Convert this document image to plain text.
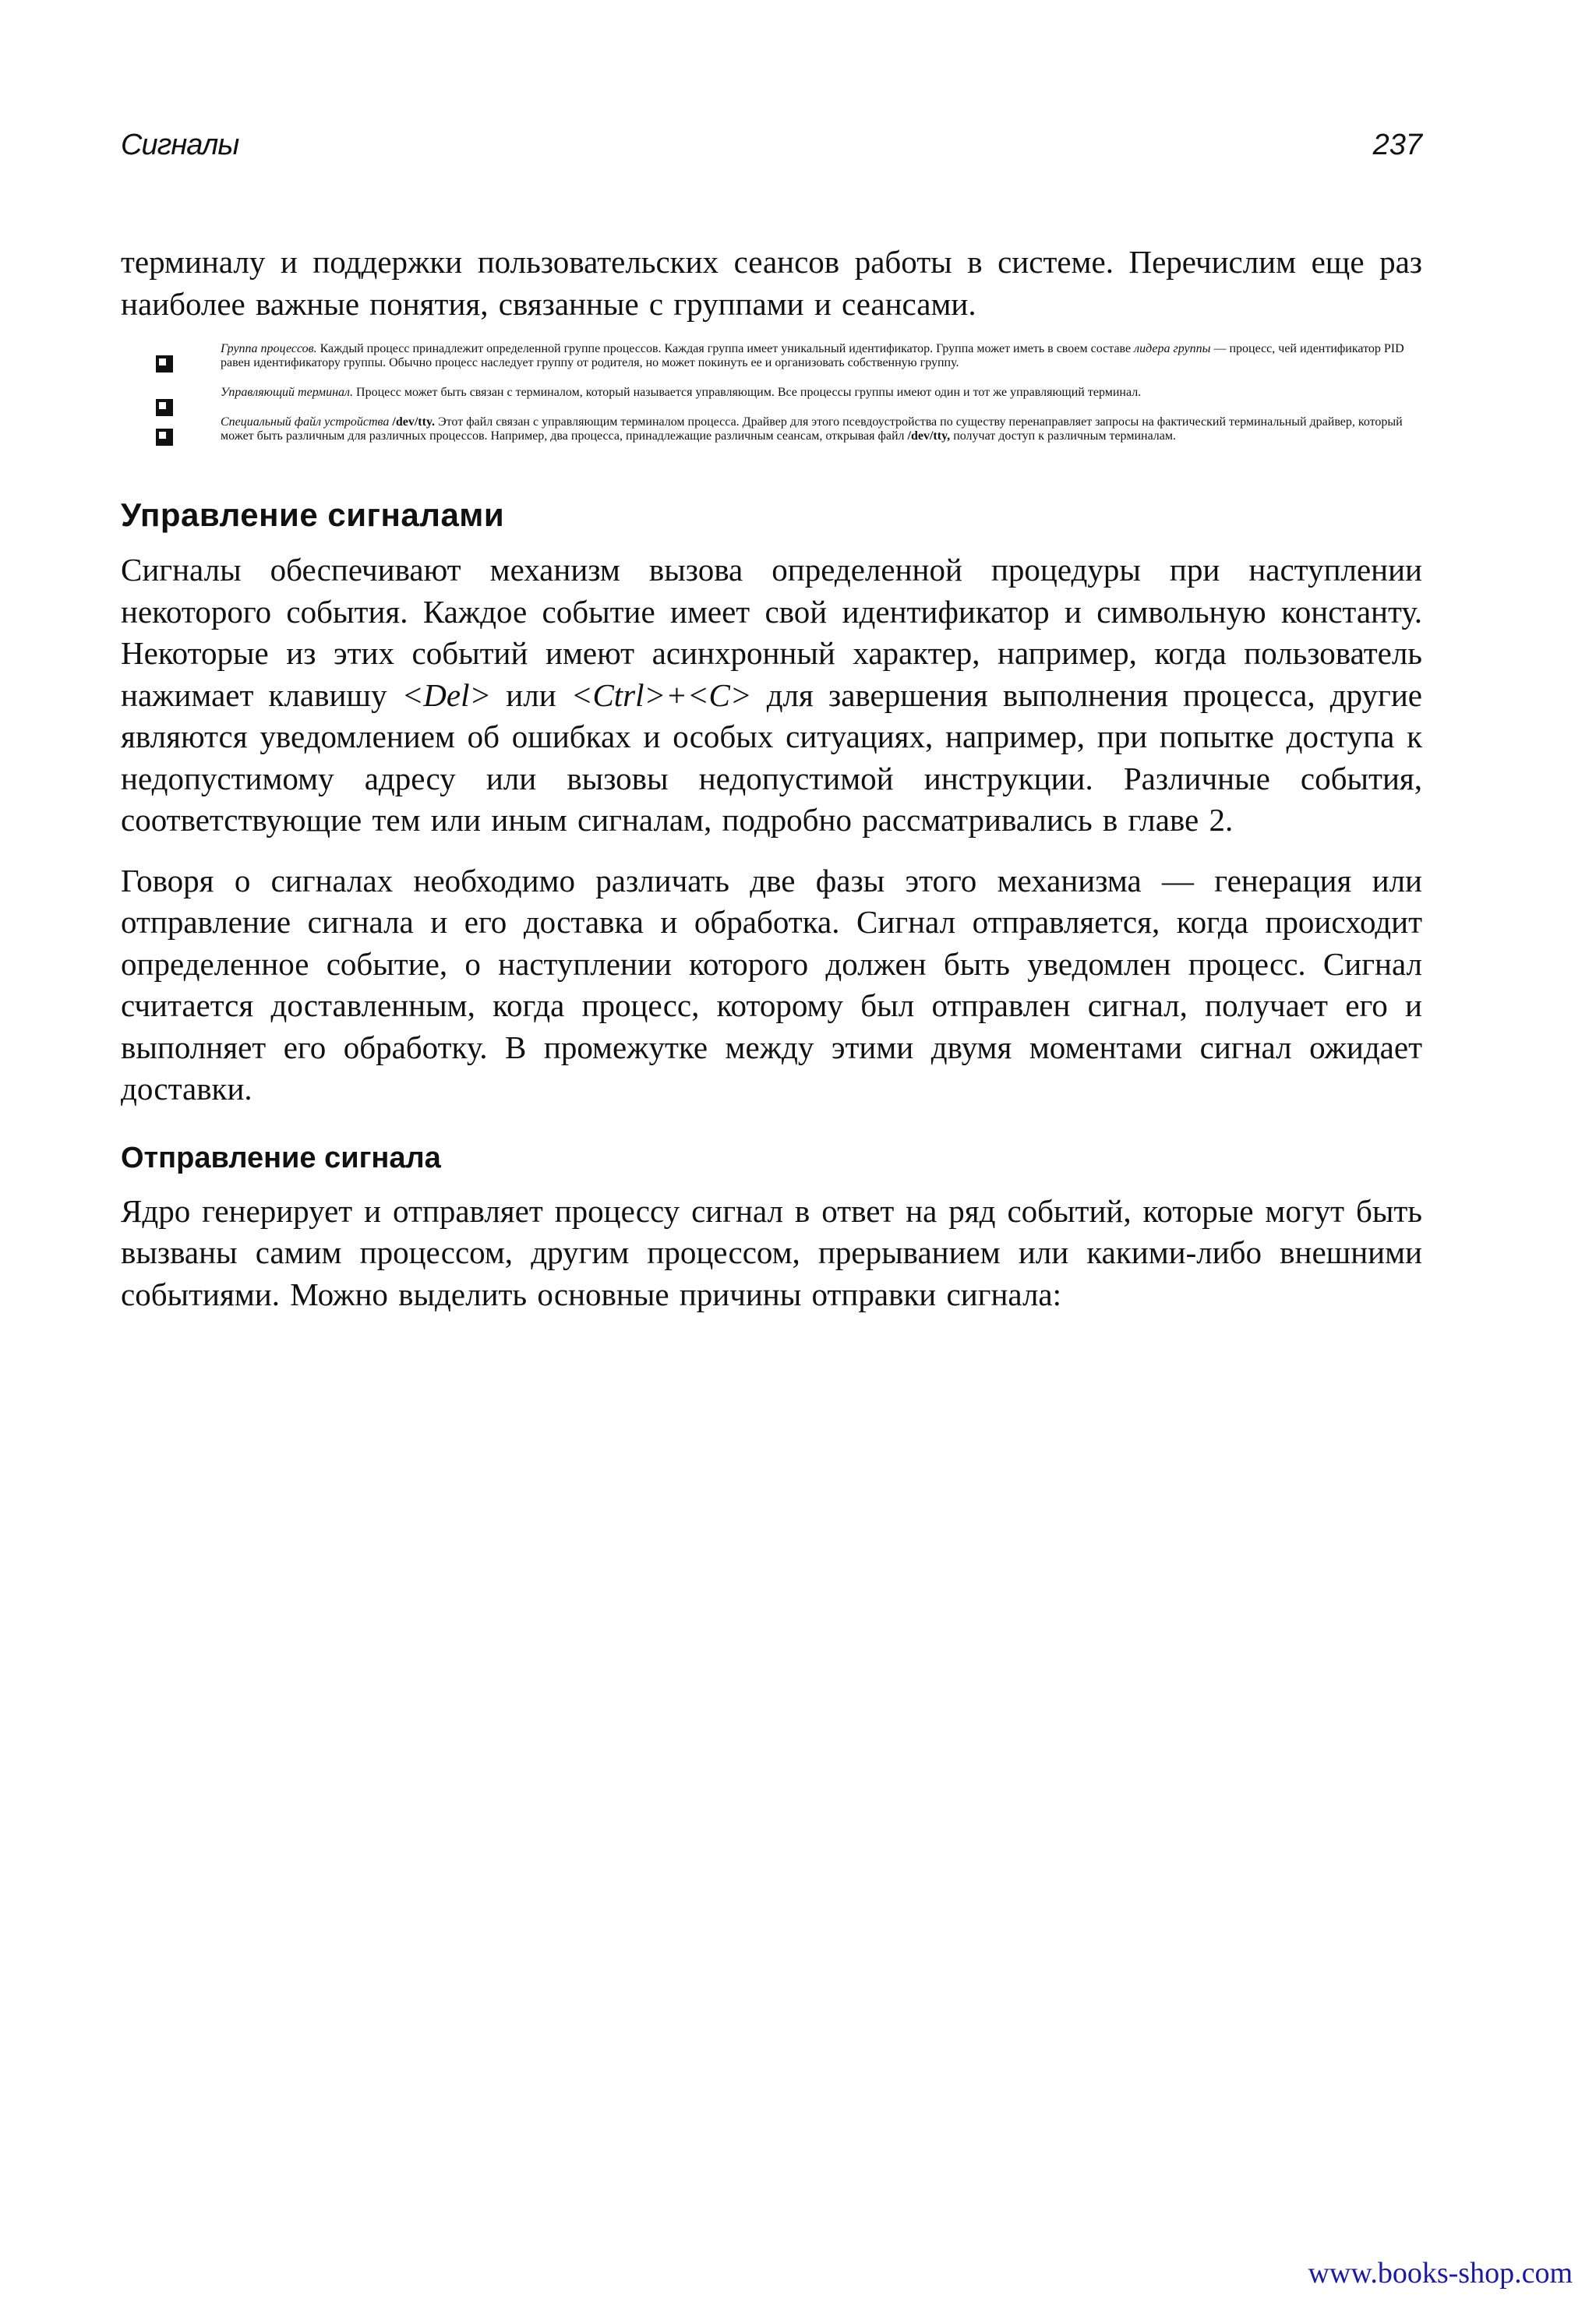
Сигналы	237

терминалу и поддержки пользовательских сеансов работы в системе. Перечислим еще раз наиболее важные понятия, связанные с группами и сеансами.

Группа процессов. Каждый процесс принадлежит определенной группе процессов. Каждая группа имеет уникальный идентификатор. Группа может иметь в своем составе лидера группы — процесс, чей идентификатор PID равен идентификатору группы. Обычно процесс наследует группу от родителя, но может покинуть ее и организовать собственную группу.
Управляющий терминал. Процесс может быть связан с терминалом, который называется управляющим. Все процессы группы имеют один и тот же управляющий терминал.
Специальный файл устройства /dev/tty. Этот файл связан с управляющим терминалом процесса. Драйвер для этого псевдоустройства по существу перенаправляет запросы на фактический терминальный драйвер, который может быть различным для различных процессов. Например, два процесса, принадлежащие различным сеансам, открывая файл /dev/tty, получат доступ к различным терминалам.
Управление сигналами

Сигналы обеспечивают механизм вызова определенной процедуры при наступлении некоторого события. Каждое событие имеет свой идентификатор и символьную константу. Некоторые из этих событий имеют асинхронный характер, например, когда пользователь нажимает клавишу <Del> или <Ctrl>+<C> для завершения выполнения процесса, другие являются уведомлением об ошибках и особых ситуациях, например, при попытке доступа к недопустимому адресу или вызовы недопустимой инструкции. Различные события, соответствующие тем или иным сигналам, подробно рассматривались в главе 2.

Говоря о сигналах необходимо различать две фазы этого механизма — генерация или отправление сигнала и его доставка и обработка. Сигнал отправляется, когда происходит определенное событие, о наступлении которого должен быть уведомлен процесс. Сигнал считается доставленным, когда процесс, которому был отправлен сигнал, получает его и выполняет его обработку. В промежутке между этими двумя моментами сигнал ожидает доставки.

Отправление сигнала

Ядро генерирует и отправляет процессу сигнал в ответ на ряд событий, которые могут быть вызваны самим процессом, другим процессом, прерыванием или какими-либо внешними событиями. Можно выделить основные причины отправки сигнала:

www.books-shop.com
